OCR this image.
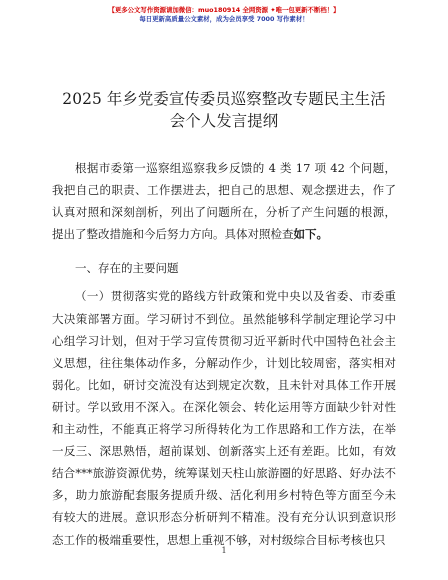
【更多公文写作资源请加微信：muo180914 全网资源 ✦唯一包更新不断档！】
每日更新高质量公文素材，成为会员享受 7000 写作素材！
2025 年乡党委宣传委员巡察整改专题民主生活
会个人发言提纲

根据市委第一巡察组巡察我乡反馈的 4 类 17 项 42 个问题，我把自己的职责、工作摆进去，把自己的思想、观念摆进去，作了认真对照和深刻剖析，列出了问题所在，分析了产生问题的根源，提出了整改措施和今后努力方向。具体对照检查如下。

一、存在的主要问题

（一）贯彻落实党的路线方针政策和党中央以及省委、市委重大决策部署方面。学习研讨不到位。虽然能够科学制定理论学习中心组学习计划，但对于学习宣传贯彻习近平新时代中国特色社会主义思想，往往集体动作多，分解动作少，计划比较周密，落实相对弱化。比如，研讨交流没有达到规定次数，且未针对具体工作开展研讨。学以致用不深入。在深化领会、转化运用等方面缺少针对性和主动性，不能真正将学习所得转化为工作思路和工作方法，在举一反三、深思熟悟，超前谋划、创新落实上还有差距。比如，有效结合***旅游资源优势，统筹谋划天柱山旅游圈的好思路、好办法不多，助力旅游配套服务提质升级、活化利用乡村特色等方面至今未有较大的进展。意识形态分析研判不精准。没有充分认识到意识形态工作的极端重要性，思想上重视不够，对村级综合目标考核也只

1
